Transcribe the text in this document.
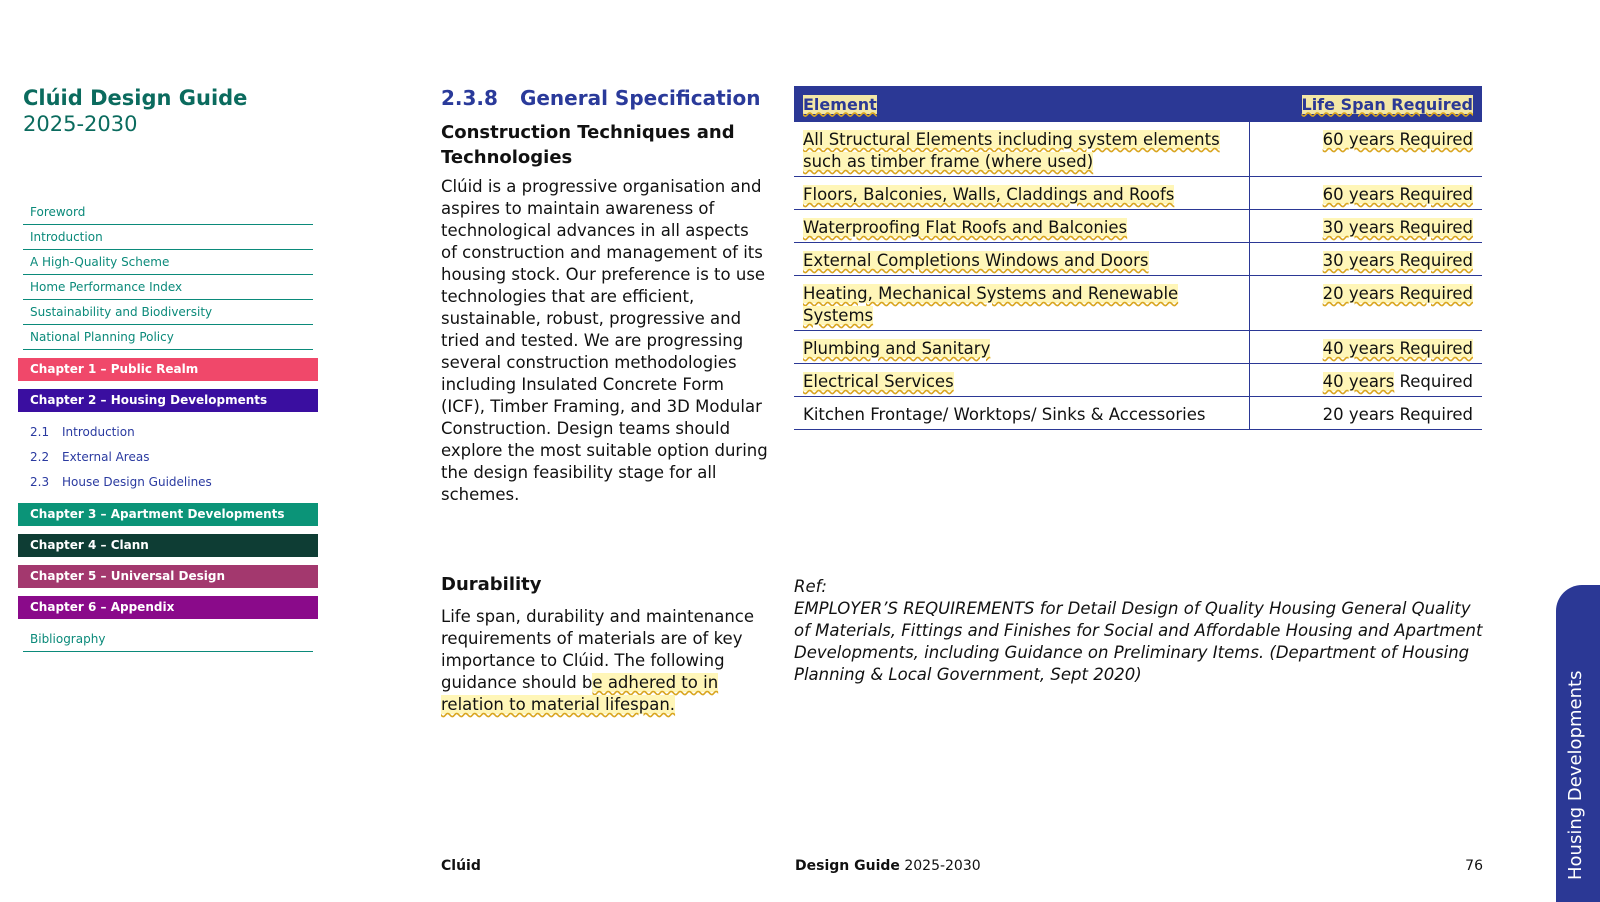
Clúid Design Guide
2025-2030
Foreword
Introduction
A High-Quality Scheme
Home Performance Index
Sustainability and Biodiversity
National Planning Policy
Chapter 1 – Public Realm
Chapter 2 – Housing Developments
2.1 Introduction
2.2 External Areas
2.3 House Design Guidelines
Chapter 3 – Apartment Developments
Chapter 4 – Clann
Chapter 5 – Universal Design
Chapter 6 – Appendix
Bibliography
2.3.8 General Specification
Construction Techniques and Technologies
Clúid is a progressive organisation and aspires to maintain awareness of technological advances in all aspects of construction and management of its housing stock. Our preference is to use technologies that are efficient, sustainable, robust, progressive and tried and tested. We are progressing several construction methodologies including Insulated Concrete Form (ICF), Timber Framing, and 3D Modular Construction. Design teams should explore the most suitable option during the design feasibility stage for all schemes.
Durability
Life span, durability and maintenance requirements of materials are of key importance to Clúid. The following guidance should be adhered to in relation to material lifespan.
Element	Life Span Required
All Structural Elements including system elements such as timber frame (where used)	60 years Required
Floors, Balconies, Walls, Claddings and Roofs	60 years Required
Waterproofing Flat Roofs and Balconies	30 years Required
External Completions Windows and Doors	30 years Required
Heating, Mechanical Systems and Renewable Systems	20 years Required
Plumbing and Sanitary	40 years Required
Electrical Services	40 years Required
Kitchen Frontage/ Worktops/ Sinks & Accessories	20 years Required
Ref:
EMPLOYER’S REQUIREMENTS for Detail Design of Quality Housing General Quality of Materials, Fittings and Finishes for Social and Affordable Housing and Apartment Developments, including Guidance on Preliminary Items. (Department of Housing Planning & Local Government, Sept 2020)
Clúid	Design Guide 2025-2030	76	Housing Developments
